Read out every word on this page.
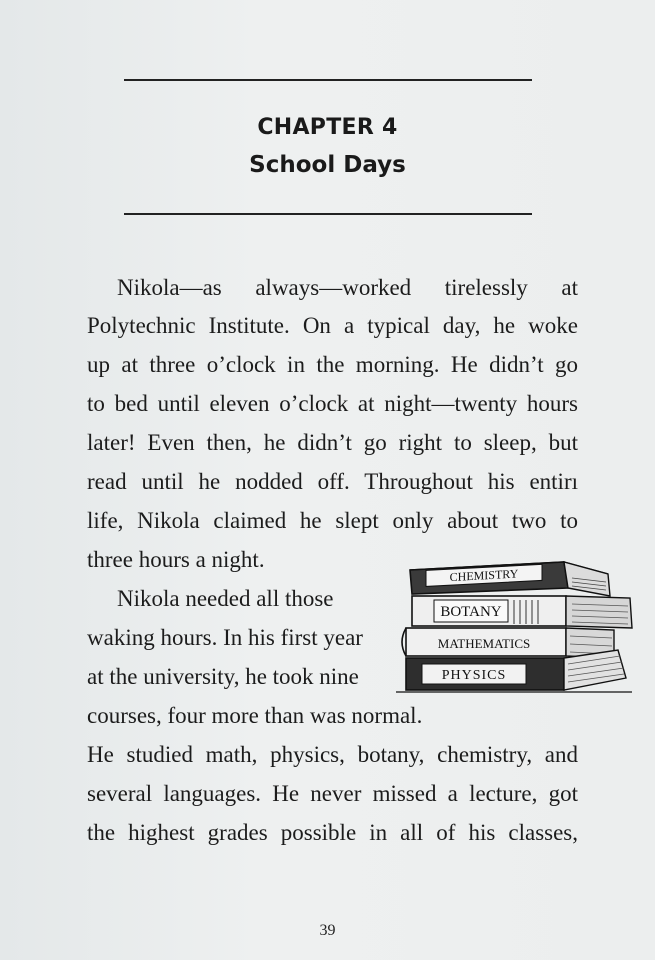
CHAPTER 4
School Days
Nikola—as always—worked tirelessly at
Polytechnic Institute. On a typical day, he woke
up at three o’clock in the morning. He didn’t go
to bed until eleven o’clock at night—twenty hours
later! Even then, he didn’t go right to sleep, but
read until he nodded off. Throughout his entirı
life, Nikola claimed he slept only about two to
three hours a night.
Nikola needed all those
waking hours. In his first year
at the university, he took nine
courses, four more than was normal.
He studied math, physics, botany, chemistry, and
several languages. He never missed a lecture, got
the highest grades possible in all of his classes,
CHEMISTRY
BOTANY
MATHEMATICS
PHYSICS
39
